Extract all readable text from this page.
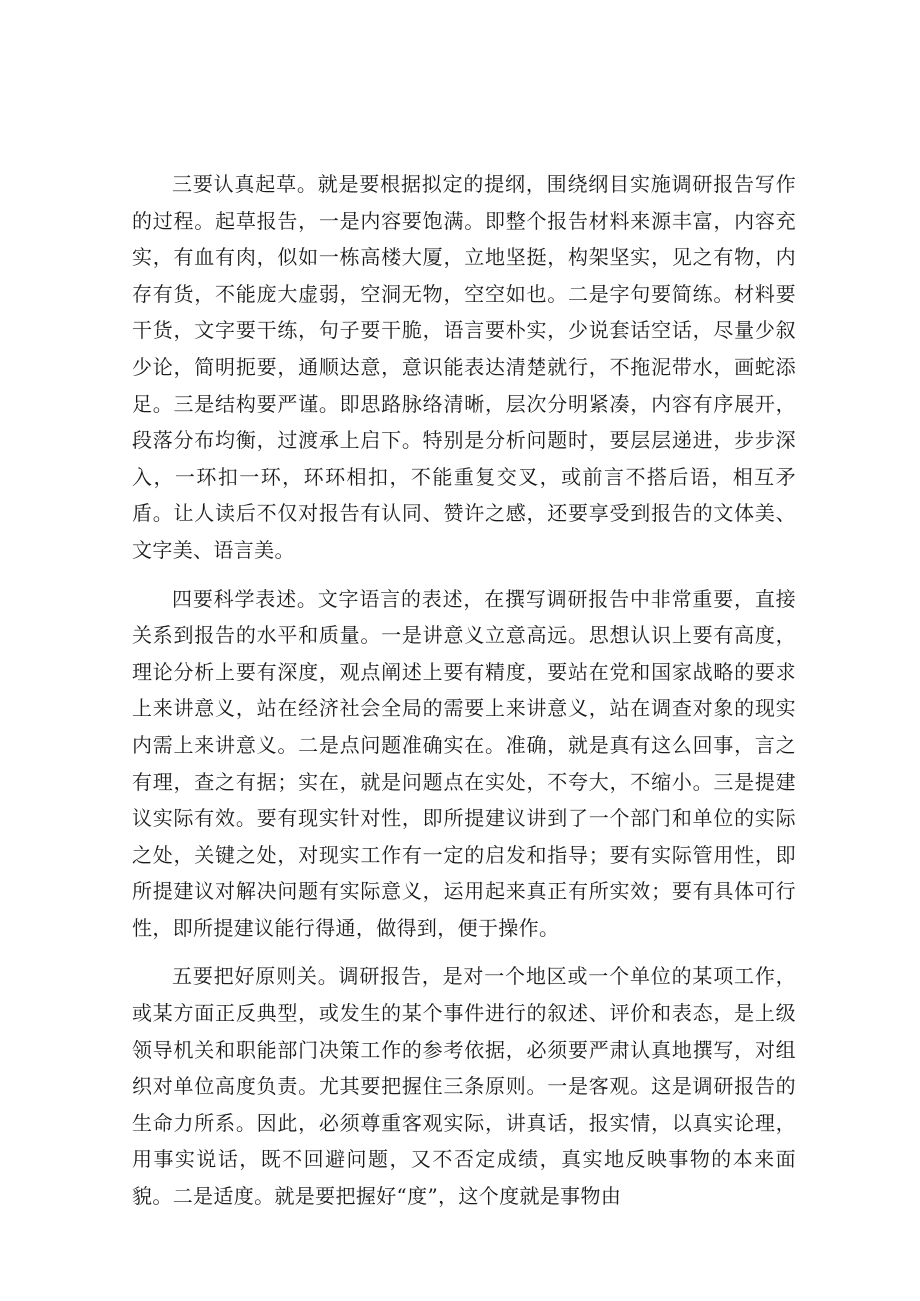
三要认真起草。就是要根据拟定的提纲，围绕纲目实施调研报告写作的过程。起草报告，一是内容要饱满。即整个报告材料来源丰富，内容充实，有血有肉，似如一栋高楼大厦，立地坚挺，构架坚实，见之有物，内存有货，不能庞大虚弱，空洞无物，空空如也。二是字句要简练。材料要干货，文字要干练，句子要干脆，语言要朴实，少说套话空话，尽量少叙少论，简明扼要，通顺达意，意识能表达清楚就行，不拖泥带水，画蛇添足。三是结构要严谨。即思路脉络清晰，层次分明紧凑，内容有序展开，段落分布均衡，过渡承上启下。特别是分析问题时，要层层递进，步步深入，一环扣一环，环环相扣，不能重复交叉，或前言不搭后语，相互矛盾。让人读后不仅对报告有认同、赞许之感，还要享受到报告的文体美、文字美、语言美。

四要科学表述。文字语言的表述，在撰写调研报告中非常重要，直接关系到报告的水平和质量。一是讲意义立意高远。思想认识上要有高度，理论分析上要有深度，观点阐述上要有精度，要站在党和国家战略的要求上来讲意义，站在经济社会全局的需要上来讲意义，站在调查对象的现实内需上来讲意义。二是点问题准确实在。准确，就是真有这么回事，言之有理，查之有据；实在，就是问题点在实处，不夸大，不缩小。三是提建议实际有效。要有现实针对性，即所提建议讲到了一个部门和单位的实际之处，关键之处，对现实工作有一定的启发和指导；要有实际管用性，即所提建议对解决问题有实际意义，运用起来真正有所实效；要有具体可行性，即所提建议能行得通，做得到，便于操作。

五要把好原则关。调研报告，是对一个地区或一个单位的某项工作，或某方面正反典型，或发生的某个事件进行的叙述、评价和表态，是上级领导机关和职能部门决策工作的参考依据，必须要严肃认真地撰写，对组织对单位高度负责。尤其要把握住三条原则。一是客观。这是调研报告的生命力所系。因此，必须尊重客观实际，讲真话，报实情，以真实论理，用事实说话，既不回避问题，又不否定成绩，真实地反映事物的本来面貌。二是适度。就是要把握好“度”，这个度就是事物由
